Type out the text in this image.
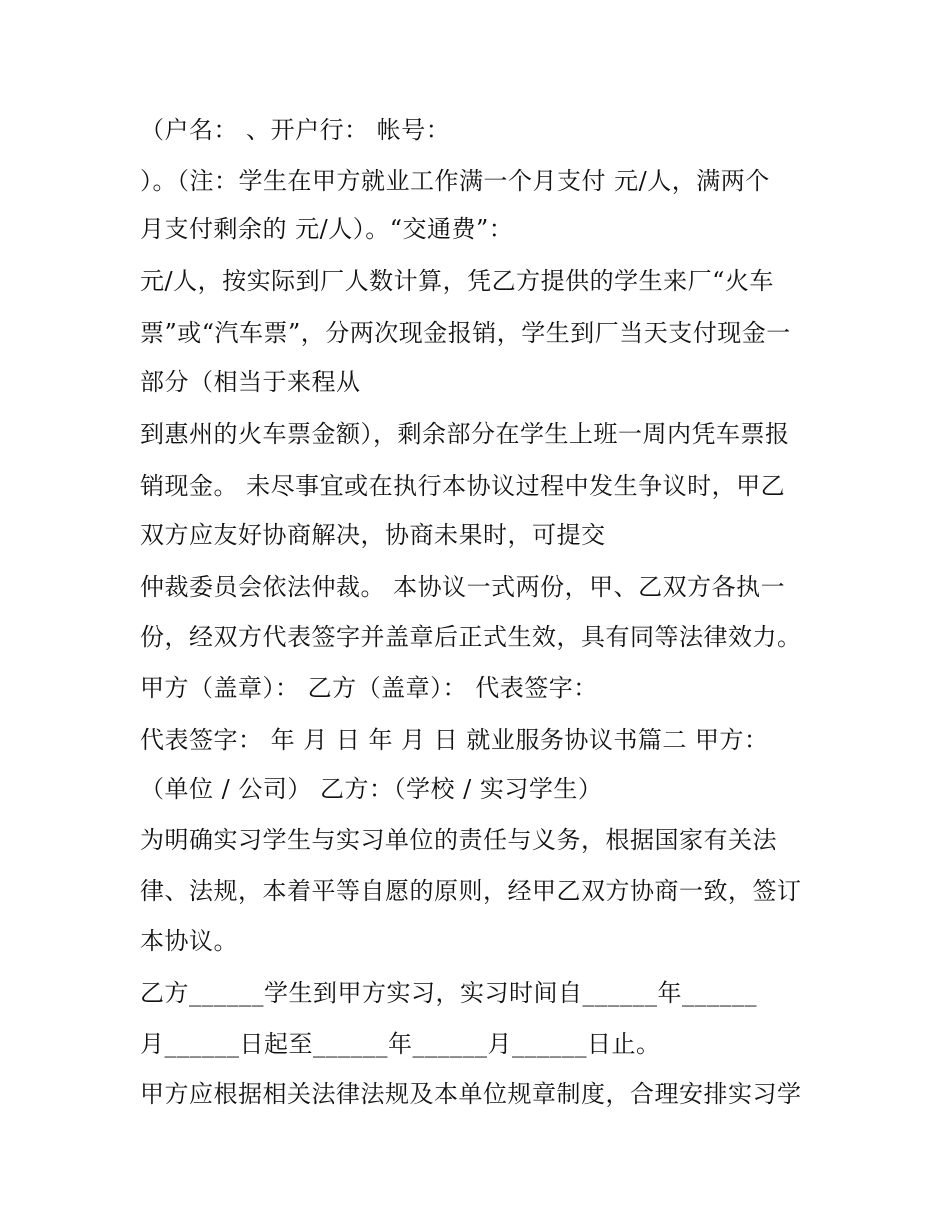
（户名： 、开户行： 帐号：
）。（注：学生在甲方就业工作满一个月支付 元/人，满两个
月支付剩余的 元/人）。“交通费”：
元/人，按实际到厂人数计算，凭乙方提供的学生来厂“火车
票”或“汽车票”，分两次现金报销，学生到厂当天支付现金一
部分（相当于来程从
到惠州的火车票金额），剩余部分在学生上班一周内凭车票报
销现金。 未尽事宜或在执行本协议过程中发生争议时，甲乙
双方应友好协商解决，协商未果时，可提交
仲裁委员会依法仲裁。 本协议一式两份，甲、乙双方各执一
份，经双方代表签字并盖章后正式生效，具有同等法律效力。
甲方（盖章）： 乙方（盖章）： 代表签字：
代表签字： 年 月 日 年 月 日 就业服务协议书篇二 甲方：
（单位 / 公司） 乙方：（学校 / 实习学生）
为明确实习学生与实习单位的责任与义务，根据国家有关法
律、法规，本着平等自愿的原则，经甲乙双方协商一致，签订
本协议。
乙方______学生到甲方实习，实习时间自______年______
月______日起至______年______月______日止。
甲方应根据相关法律法规及本单位规章制度，合理安排实习学
